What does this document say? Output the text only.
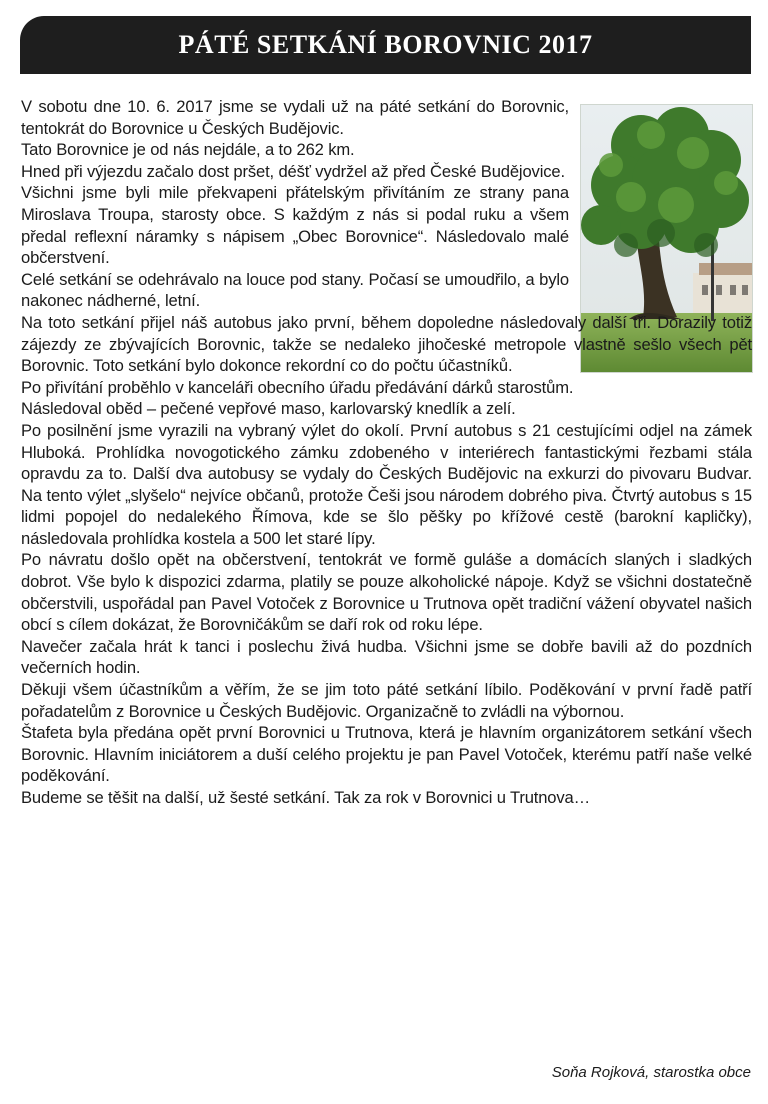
PÁTÉ SETKÁNÍ BOROVNIC 2017

V sobotu dne 10. 6. 2017 jsme se vydali už na páté setkání do Borovnic, tentokrát do Borovnice u Českých Budějovic.

Tato Borovnice je od nás nejdále, a to 262 km.

Hned při výjezdu začalo dost pršet, déšť vydržel až před České Budějovice.

Všichni jsme byli mile překvapeni přátelským přivítáním ze strany pana Miroslava Troupa, starosty obce. S každým z nás si podal ruku a všem předal reflexní náramky s nápisem „Obec Borovnice“. Následovalo malé občerstvení.

Celé setkání se odehrávalo na louce pod stany. Počasí se umoudřilo, a bylo nakonec nádherné, letní.

Na toto setkání přijel náš autobus jako první, během dopoledne následovaly další tři. Dorazily totiž zájezdy ze zbývajících Borovnic, takže se nedaleko jihočeské metropole vlastně sešlo všech pět Borovnic. Toto setkání bylo dokonce rekordní co do počtu účastníků.

Po přivítání proběhlo v kanceláři obecního úřadu předávání dárků starostům.

Následoval oběd – pečené vepřové maso, karlovarský knedlík a zelí.

Po posilnění jsme vyrazili na vybraný výlet do okolí. První autobus s 21 cestujícími odjel na zámek Hluboká. Prohlídka novogotického zámku zdobeného v interiérech fantastickými řezbami stála opravdu za to. Další dva autobusy se vydaly do Českých Budějovic na exkurzi do pivovaru Budvar. Na tento výlet „slyšelo“ nejvíce občanů, protože Češi jsou národem dobrého piva. Čtvrtý autobus s 15 lidmi popojel do nedalekého Římova, kde se šlo pěšky po křížové cestě (barokní kapličky), následovala prohlídka kostela a 500 let staré lípy.

Po návratu došlo opět na občerstvení, tentokrát ve formě guláše a domácích slaných i sladkých dobrot. Vše bylo k dispozici zdarma, platily se pouze alkoholické nápoje. Když se všichni dostatečně občerstvili, uspořádal pan Pavel Votoček z Borovnice u Trutnova opět tradiční vážení obyvatel našich obcí s cílem dokázat, že Borovničákům se daří rok od roku lépe.

Navečer začala hrát k tanci i poslechu živá hudba. Všichni jsme se dobře bavili až do pozdních večerních hodin.

Děkuji všem účastníkům a věřím, že se jim toto páté setkání líbilo. Poděkování v první řadě patří pořadatelům z Borovnice u Českých Budějovic. Organizačně to zvládli na výbornou.

Štafeta byla předána opět první Borovnici u Trutnova, která je hlavním organizátorem setkání všech Borovnic. Hlavním iniciátorem a duší celého projektu je pan Pavel Votoček, kterému patří naše velké poděkování.

Budeme se těšit na další, už šesté setkání. Tak za rok v Borovnici u Trutnova…

Soňa Rojková, starostka obce
